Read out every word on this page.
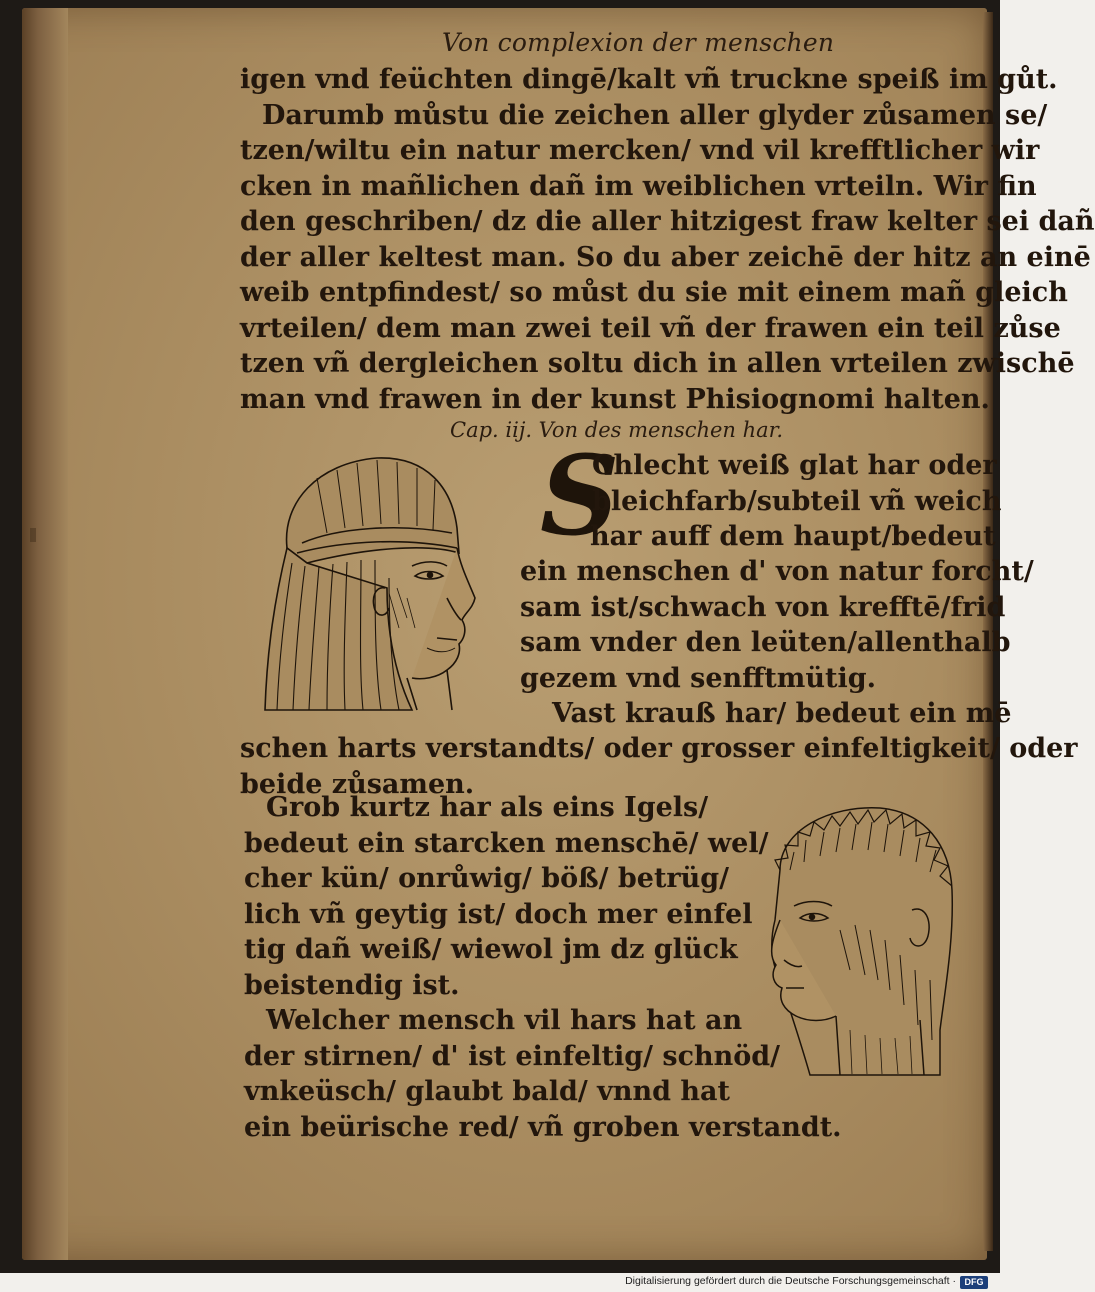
Von complexion der menschen
igen vnd feüchten dingē/kalt vñ truckne speiß im gůt.
Darumb můstu die zeichen aller glyder zůsamen se/
tzen/wiltu ein natur mercken/ vnd vil krefftlicher wir
cken in mañlichen dañ im weiblichen vrteiln. Wir fin
den geschriben/ dz die aller hitzigest fraw kelter sei dañ
der aller keltest man. So du aber zeichē der hitz an einē
weib entpfindest/ so můst du sie mit einem mañ gleich
vrteilen/ dem man zwei teil vñ der frawen ein teil zůse
tzen vñ dergleichen soltu dich in allen vrteilen zwischē
man vnd frawen in der kunst Phisiognomi halten.
Cap. iij. Von des menschen har.
S
Chlecht weiß glat har oder
bleichfarb/subteil vñ weich
har auff dem haupt/bedeut
ein menschen d' von natur forcht/
sam ist/schwach von krefftē/frid
sam vnder den leüten/allenthalb
gezem vnd senfftmütig.
Vast krauß har/ bedeut ein mē
schen harts verstandts/ oder grosser einfeltigkeit/ oder
beide zůsamen.
Grob kurtz har als eins Igels/
bedeut ein starcken menschē/ wel/
cher kün/ onrůwig/ böß/ betrüg/
lich vñ geytig ist/ doch mer einfel
tig dañ weiß/ wiewol jm dz glück
beistendig ist.
Welcher mensch vil hars hat an
der stirnen/ d' ist einfeltig/ schnöd/
vnkeüsch/ glaubt bald/ vnnd hat
ein beürische red/ vñ groben verstandt.
Digitalisierung gefördert durch die Deutsche Forschungsgemeinschaft · DFG
